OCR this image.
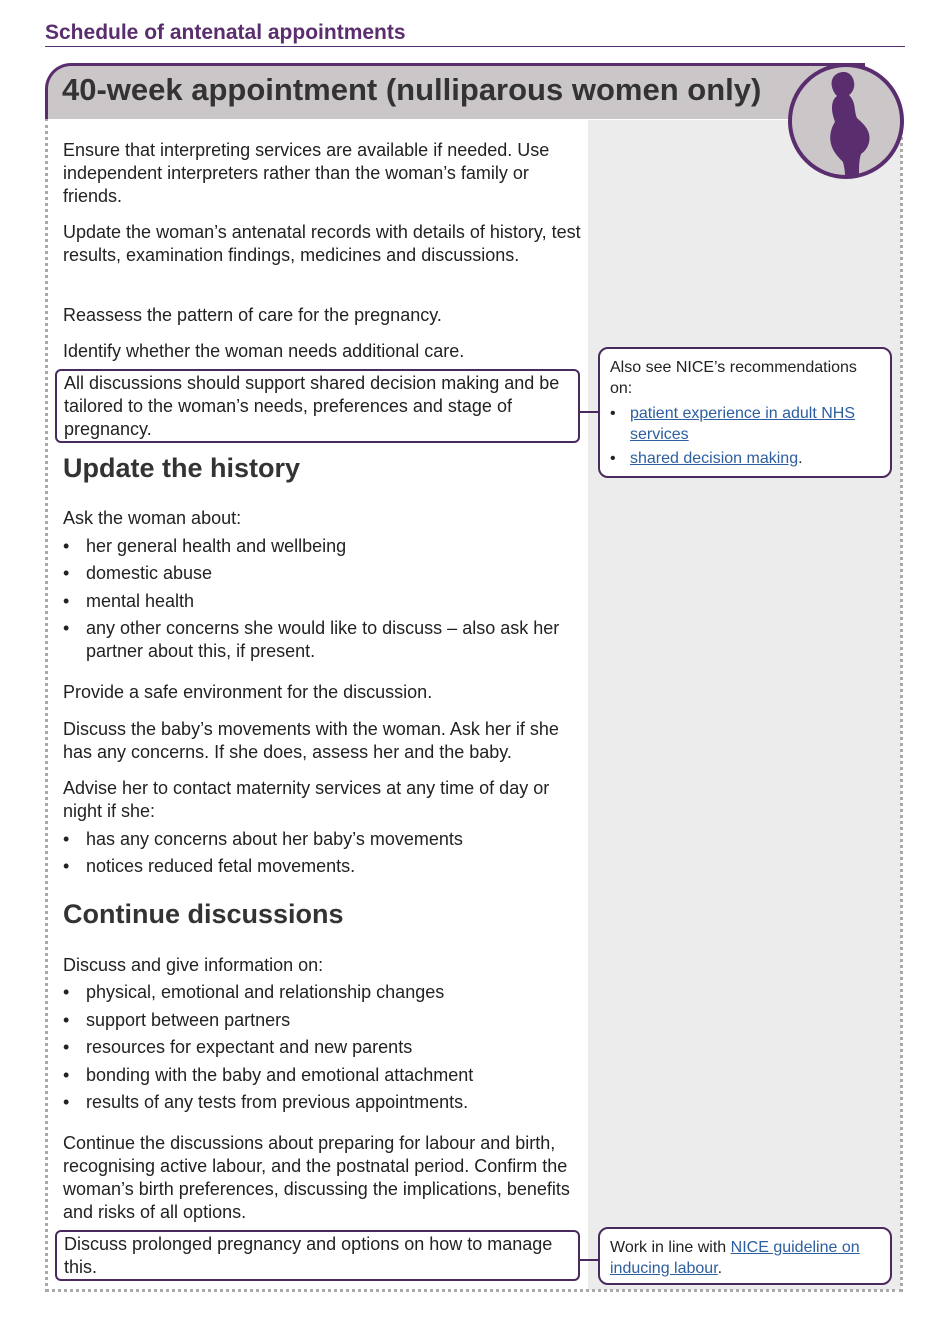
Schedule of antenatal appointments
40-week appointment (nulliparous women only)
Ensure that interpreting services are available if needed. Use independent interpreters rather than the woman’s family or friends.
Update the woman’s antenatal records with details of history, test results, examination findings, medicines and discussions.
Reassess the pattern of care for the pregnancy.
Identify whether the woman needs additional care.
All discussions should support shared decision making and be tailored to the woman’s needs, preferences and stage of pregnancy.
Also see NICE’s recommendations on:
• patient experience in adult NHS services
• shared decision making.
Update the history
Ask the woman about:
• her general health and wellbeing
• domestic abuse
• mental health
• any other concerns she would like to discuss – also ask her partner about this, if present.
Provide a safe environment for the discussion.
Discuss the baby’s movements with the woman. Ask her if she has any concerns. If she does, assess her and the baby.
Advise her to contact maternity services at any time of day or night if she:
• has any concerns about her baby’s movements
• notices reduced fetal movements.
Continue discussions
Discuss and give information on:
• physical, emotional and relationship changes
• support between partners
• resources for expectant and new parents
• bonding with the baby and emotional attachment
• results of any tests from previous appointments.
Continue the discussions about preparing for labour and birth, recognising active labour, and the postnatal period. Confirm the woman’s birth preferences, discussing the implications, benefits and risks of all options.
Discuss prolonged pregnancy and options on how to manage this.
Work in line with NICE guideline on inducing labour.
